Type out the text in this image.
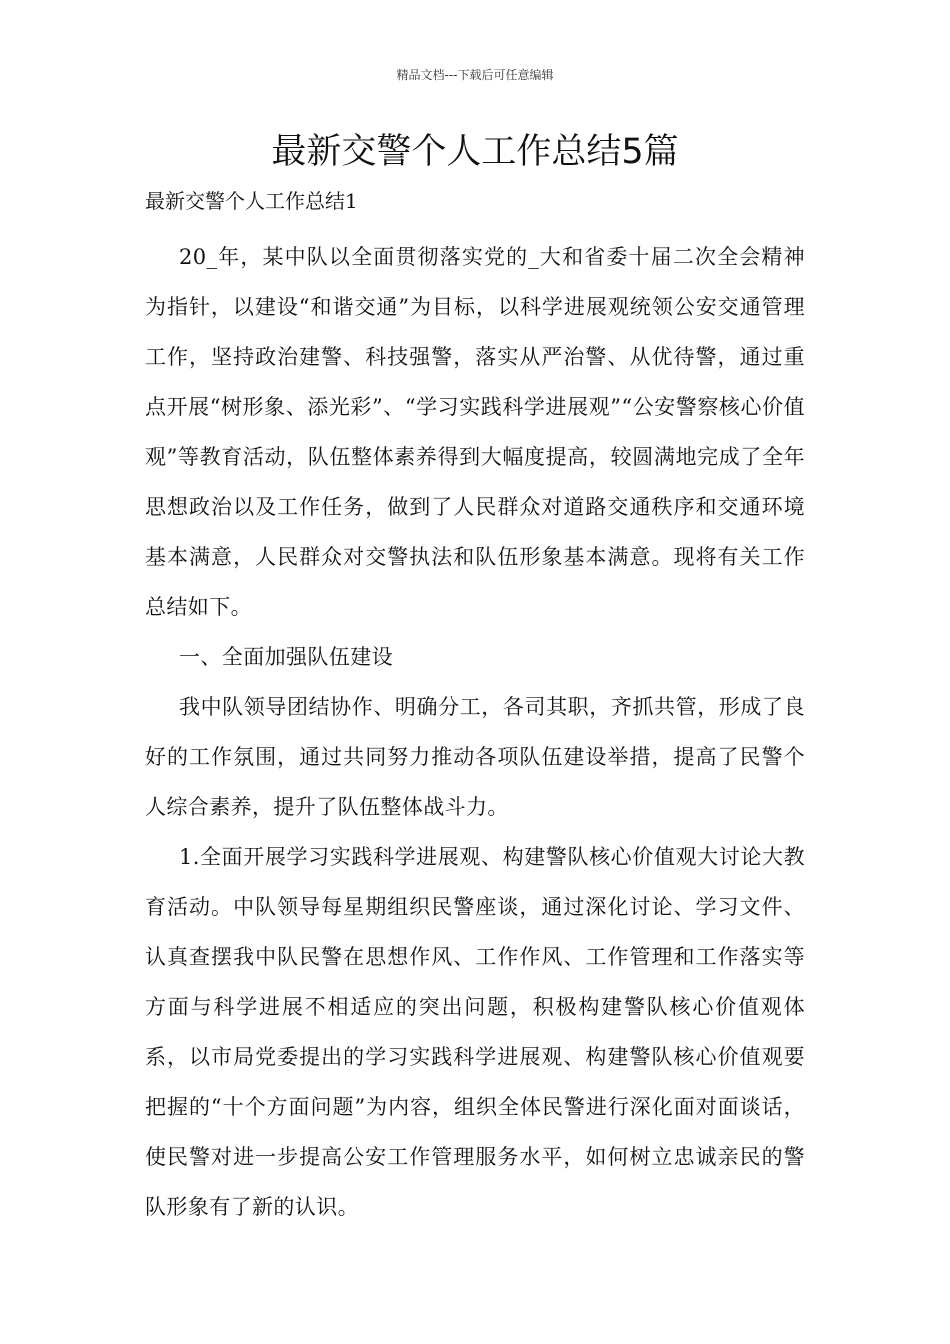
精品文档---下载后可任意编辑
最新交警个人工作总结5篇

最新交警个人工作总结1

20_年，某中队以全面贯彻落实党的_大和省委十届二次全会精神为指针，以建设“和谐交通”为目标，以科学进展观统领公安交通管理工作，坚持政治建警、科技强警，落实从严治警、从优待警，通过重点开展“树形象、添光彩”、“学习实践科学进展观”“公安警察核心价值观”等教育活动，队伍整体素养得到大幅度提高，较圆满地完成了全年思想政治以及工作任务，做到了人民群众对道路交通秩序和交通环境基本满意，人民群众对交警执法和队伍形象基本满意。现将有关工作总结如下。

一、全面加强队伍建设

我中队领导团结协作、明确分工，各司其职，齐抓共管，形成了良好的工作氛围，通过共同努力推动各项队伍建设举措，提高了民警个人综合素养，提升了队伍整体战斗力。

1.全面开展学习实践科学进展观、构建警队核心价值观大讨论大教育活动。中队领导每星期组织民警座谈，通过深化讨论、学习文件、认真查摆我中队民警在思想作风、工作作风、工作管理和工作落实等方面与科学进展不相适应的突出问题，积极构建警队核心价值观体系，以市局党委提出的学习实践科学进展观、构建警队核心价值观要把握的“十个方面问题”为内容，组织全体民警进行深化面对面谈话，使民警对进一步提高公安工作管理服务水平，如何树立忠诚亲民的警队形象有了新的认识。
